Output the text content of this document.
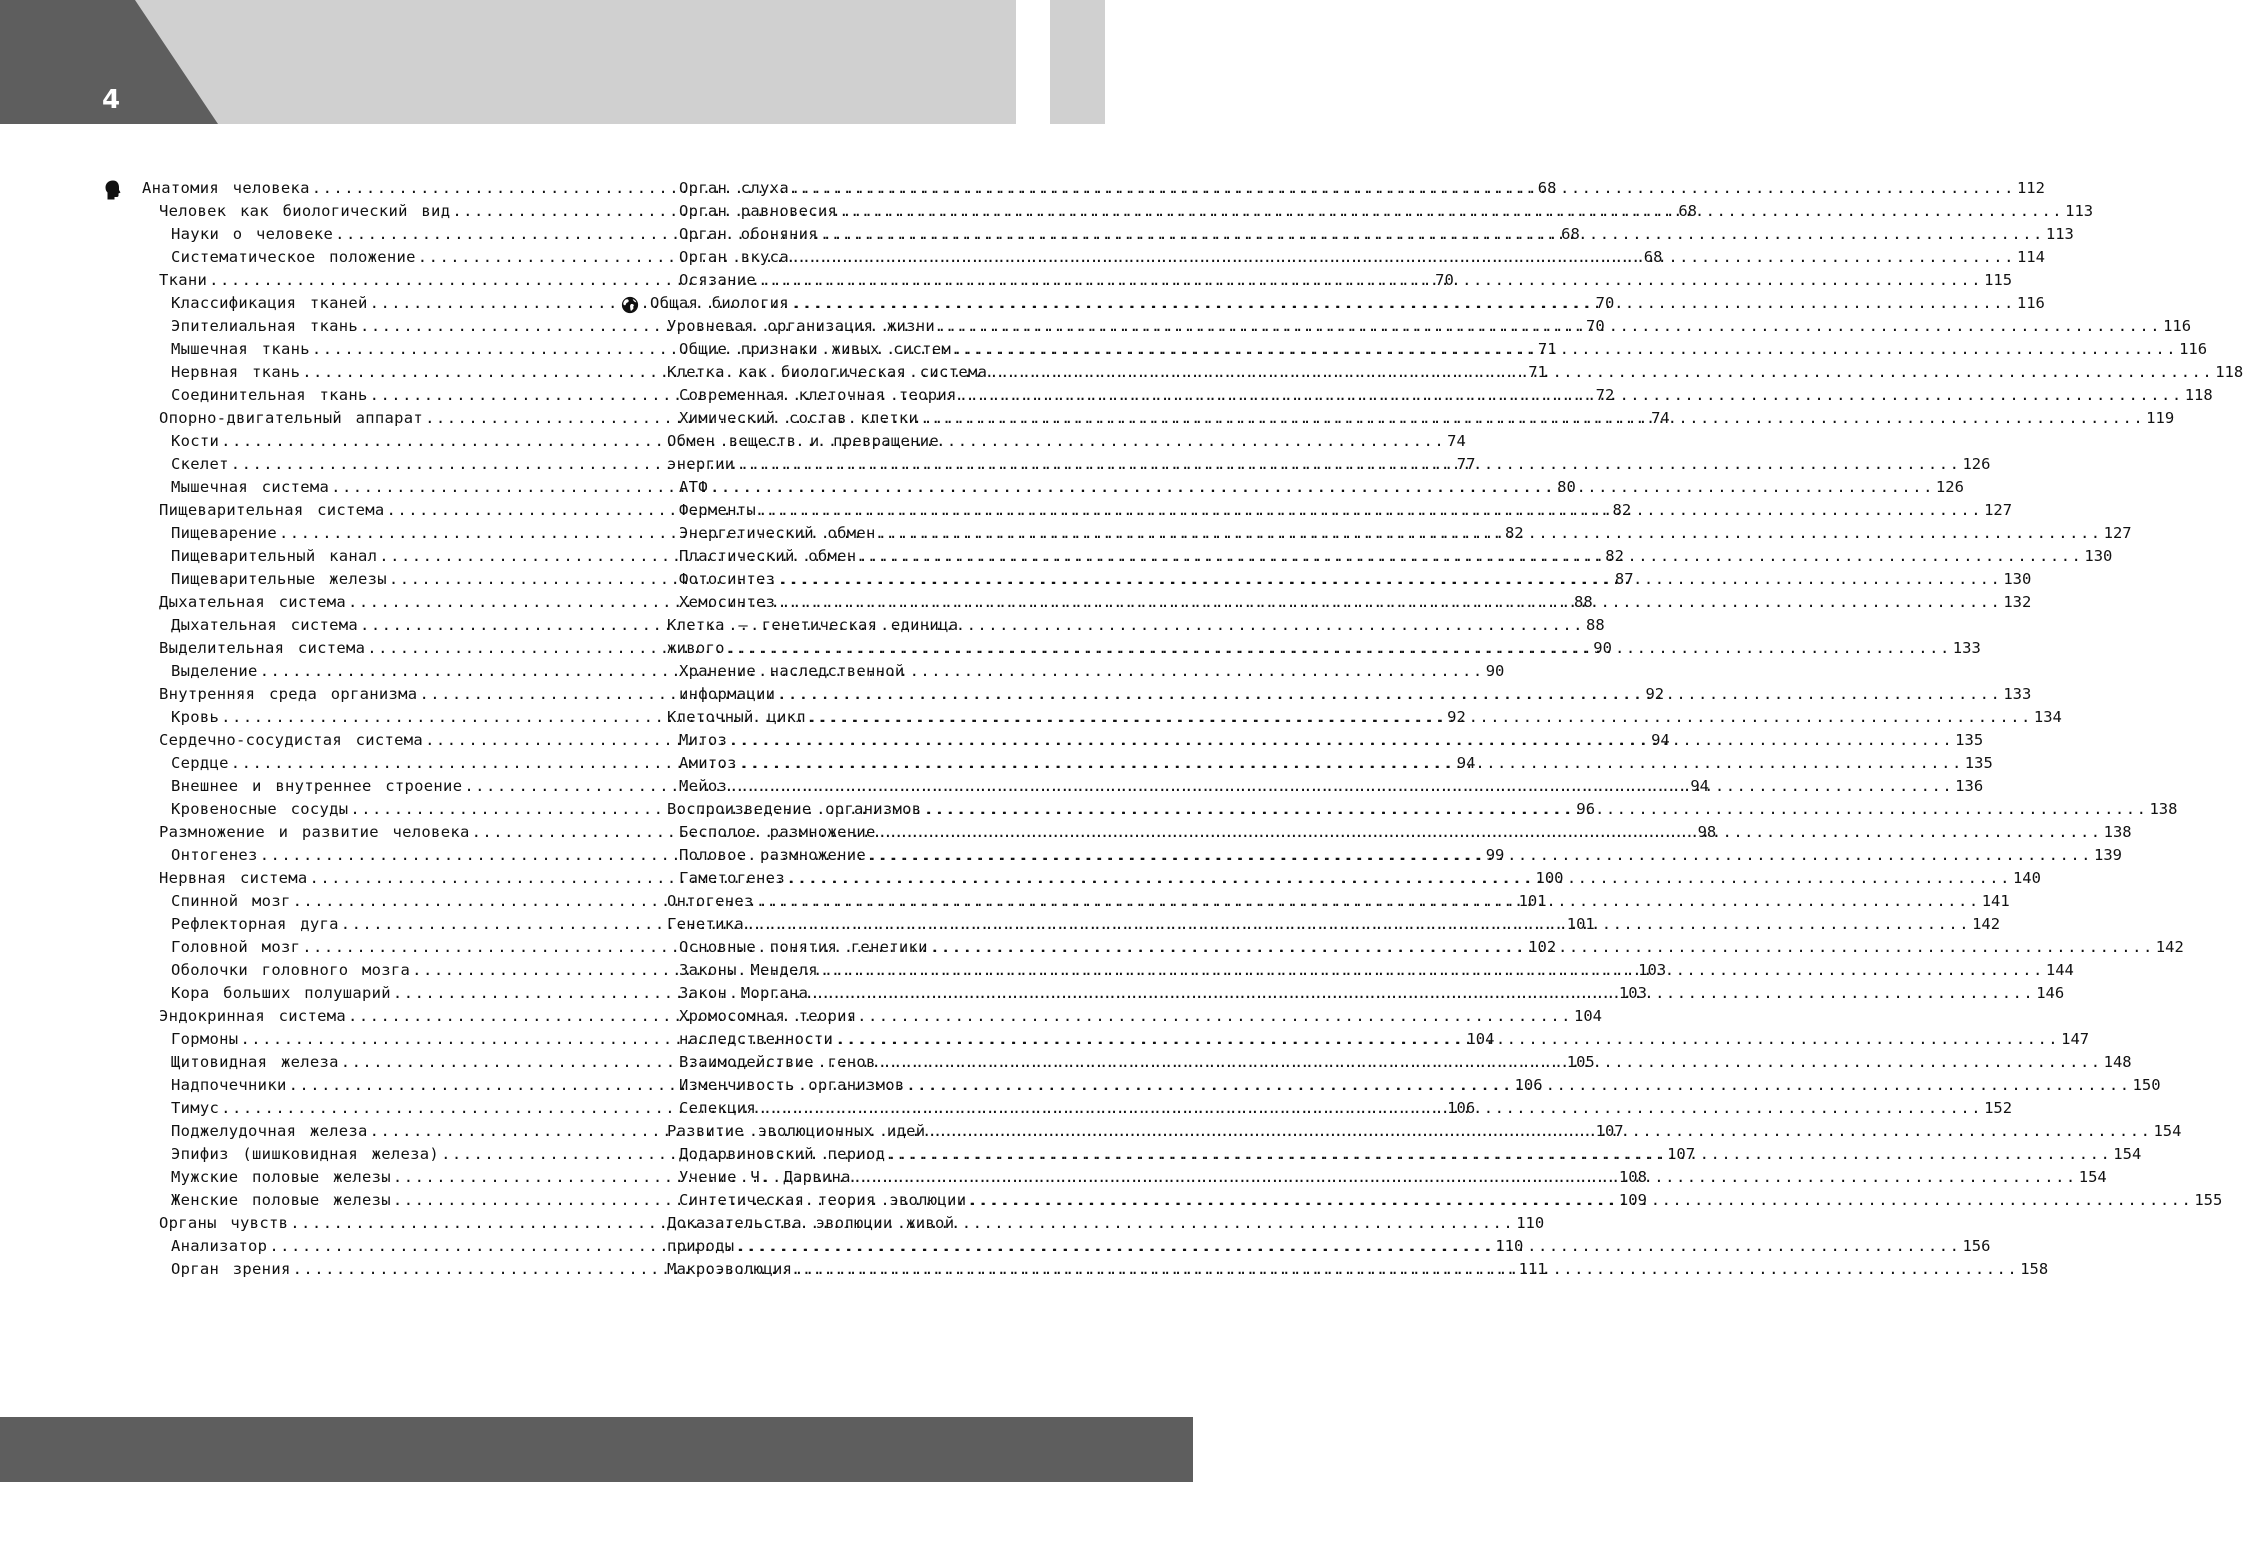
4
Анатомия человека .....	68
Человек как биологический вид .....	68
Науки о человеке .....	68
Систематическое положение .....	68
Ткани .....	70
Классификация тканей .....	70
Эпителиальная ткань .....	70
Мышечная ткань .....	71
Нервная ткань .....	71
Соединительная ткань .....	72
Опорно-двигательный аппарат .....	74
Кости .....	74
Скелет .....	77
Мышечная система .....	80
Пищеварительная система .....	82
Пищеварение .....	82
Пищеварительный канал .....	82
Пищеварительные железы .....	87
Дыхательная система .....	88
Дыхательная система .....	88
Выделительная система .....	90
Выделение .....	90
Внутренняя среда организма .....	92
Кровь .....	92
Сердечно-сосудистая система .....	94
Сердце .....	94
Внешнее и внутреннее строение .....	94
Кровеносные сосуды .....	96
Размножение и развитие человека .....	98
Онтогенез .....	99
Нервная система .....	100
Спинной мозг .....	101
Рефлекторная дуга .....	101
Головной мозг .....	102
Оболочки головного мозга .....	103
Кора больших полушарий .....	103
Эндокринная система .....	104
Гормоны .....	104
Щитовидная железа .....	105
Надпочечники .....	106
Тимус .....	106
Поджелудочная железа .....	107
Эпифиз (шишковидная железа) .....	107
Мужские половые железы .....	108
Женские половые железы .....	109
Органы чувств .....	110
Анализатор .....	110
Орган зрения .....	111
Орган слуха .....	112
Орган равновесия .....	113
Орган обоняния .....	113
Орган вкуса .....	114
Осязание .....	115
Общая биология .....	116
Уровневая организация жизни .....	116
Общие признаки живых систем .....	116
Клетка как биологическая система .....	118
Современная клеточная теория .....	118
Химический состав клетки .....	119
Обмен веществ и превращение
энергии .....	126
АТФ .....	126
Ферменты .....	127
Энергетический обмен .....	127
Пластический обмен .....	130
Фотосинтез .....	130
Хемосинтез .....	132
Клетка — генетическая единица
живого .....	133
Хранение наследственной
информации .....	133
Клеточный цикл .....	134
Митоз .....	135
Амитоз .....	135
Мейоз .....	136
Воспроизведение организмов .....	138
Бесполое размножение .....	138
Половое размножение .....	139
Гаметогенез .....	140
Онтогенез .....	141
Генетика .....	142
Основные понятия генетики .....	142
Законы Менделя .....	144
Закон Моргана .....	146
Хромосомная теория
наследственности .....	147
Взаимодействие генов .....	148
Изменчивость организмов .....	150
Селекция .....	152
Развитие эволюционных идей .....	154
Додарвиновский период .....	154
Учение Ч. Дарвина .....	154
Синтетическая теория эволюции .....	155
Доказательства эволюции живой
природы .....	156
Макроэволюция .....	158
